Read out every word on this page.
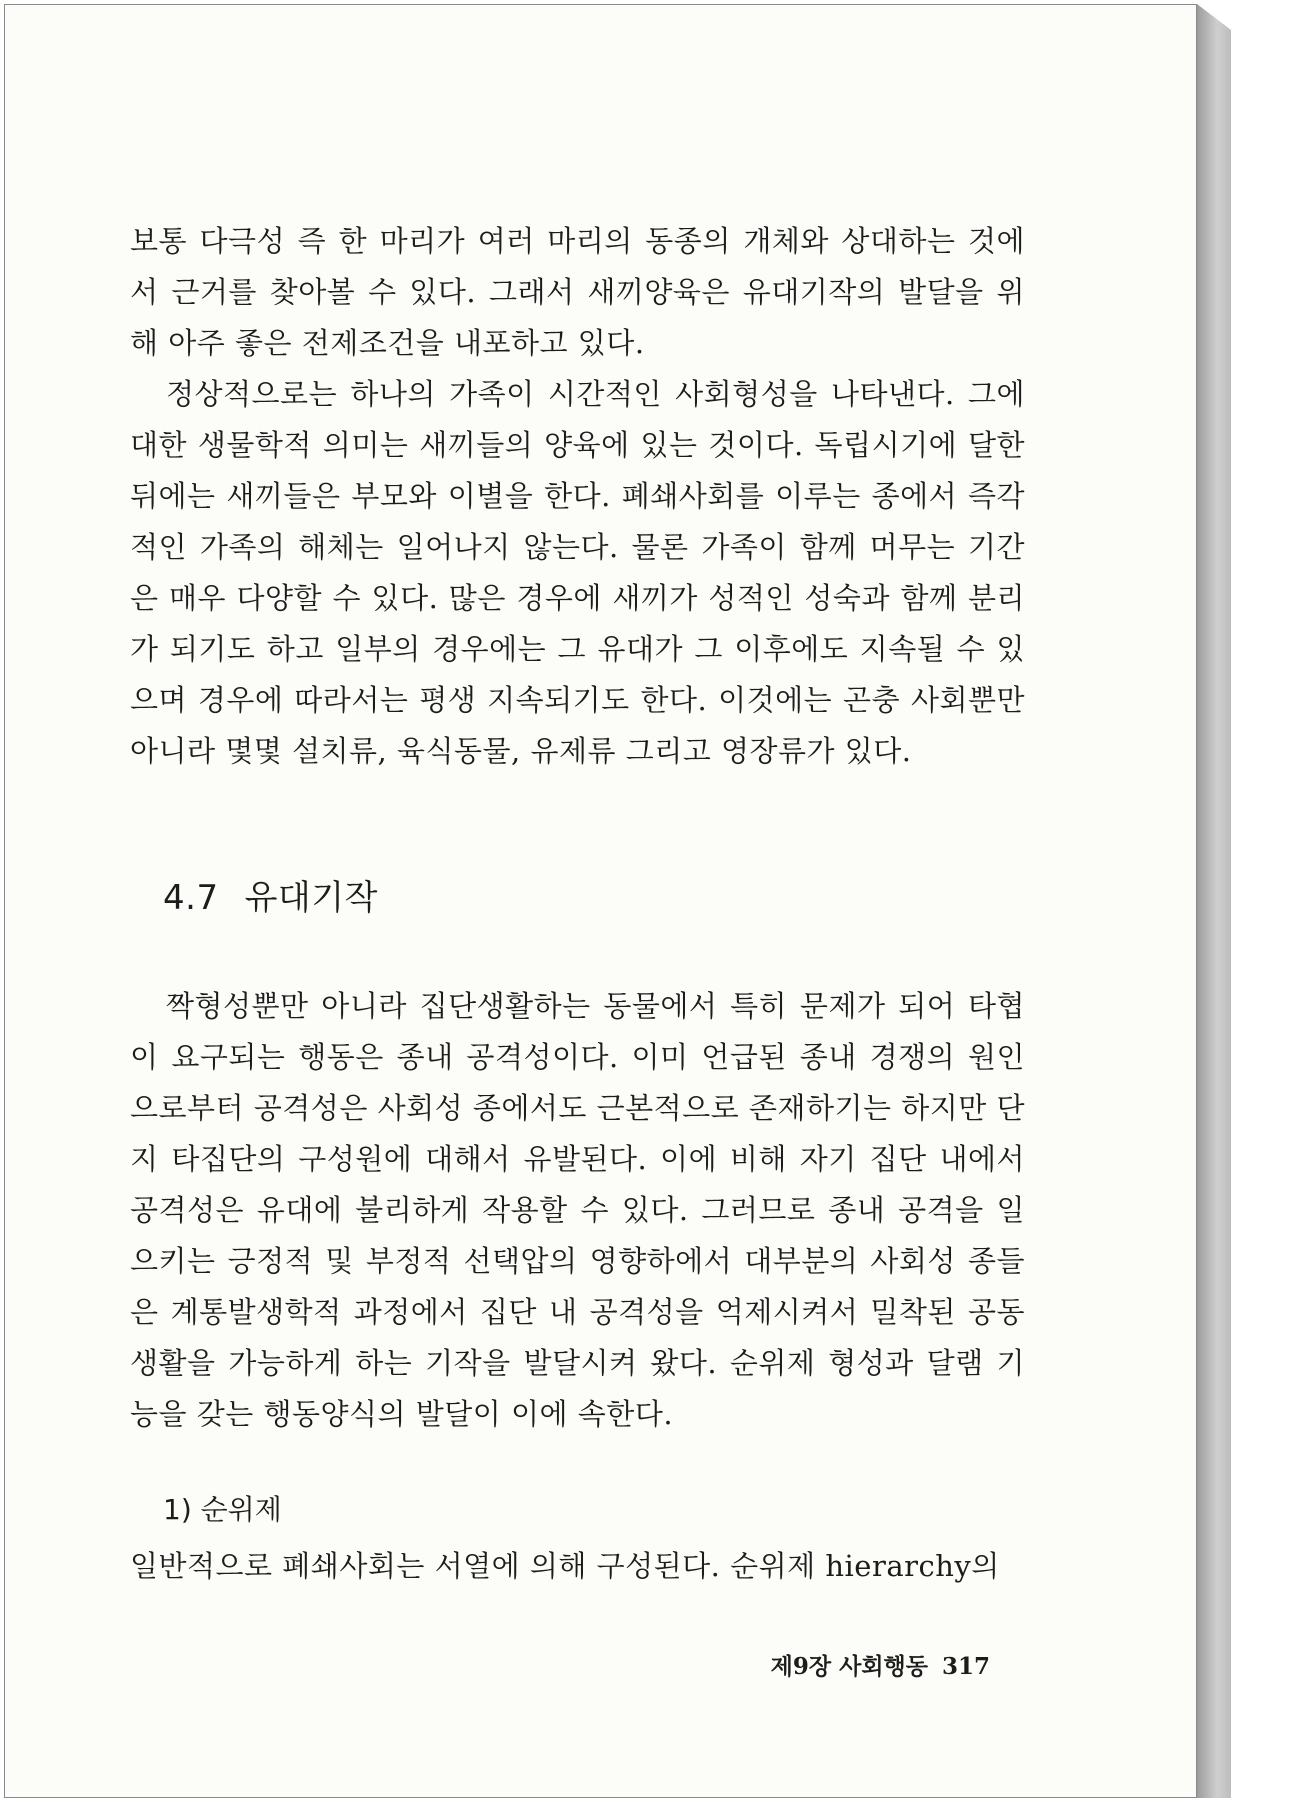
보통 다극성 즉 한 마리가 여러 마리의 동종의 개체와 상대하는 것에서 근거를 찾아볼 수 있다. 그래서 새끼양육은 유대기작의 발달을 위해 아주 좋은 전제조건을 내포하고 있다.

정상적으로는 하나의 가족이 시간적인 사회형성을 나타낸다. 그에 대한 생물학적 의미는 새끼들의 양육에 있는 것이다. 독립시기에 달한 뒤에는 새끼들은 부모와 이별을 한다. 폐쇄사회를 이루는 종에서 즉각적인 가족의 해체는 일어나지 않는다. 물론 가족이 함께 머무는 기간은 매우 다양할 수 있다. 많은 경우에 새끼가 성적인 성숙과 함께 분리가 되기도 하고 일부의 경우에는 그 유대가 그 이후에도 지속될 수 있으며 경우에 따라서는 평생 지속되기도 한다. 이것에는 곤충 사회뿐만 아니라 몇몇 설치류, 육식동물, 유제류 그리고 영장류가 있다.

4.7 유대기작

짝형성뿐만 아니라 집단생활하는 동물에서 특히 문제가 되어 타협이 요구되는 행동은 종내 공격성이다. 이미 언급된 종내 경쟁의 원인으로부터 공격성은 사회성 종에서도 근본적으로 존재하기는 하지만 단지 타집단의 구성원에 대해서 유발된다. 이에 비해 자기 집단 내에서 공격성은 유대에 불리하게 작용할 수 있다. 그러므로 종내 공격을 일으키는 긍정적 및 부정적 선택압의 영향하에서 대부분의 사회성 종들은 계통발생학적 과정에서 집단 내 공격성을 억제시켜서 밀착된 공동생활을 가능하게 하는 기작을 발달시켜 왔다. 순위제 형성과 달램 기능을 갖는 행동양식의 발달이 이에 속한다.

1) 순위제

일반적으로 폐쇄사회는 서열에 의해 구성된다. 순위제 hierarchy의

제9장 사회행동 317
